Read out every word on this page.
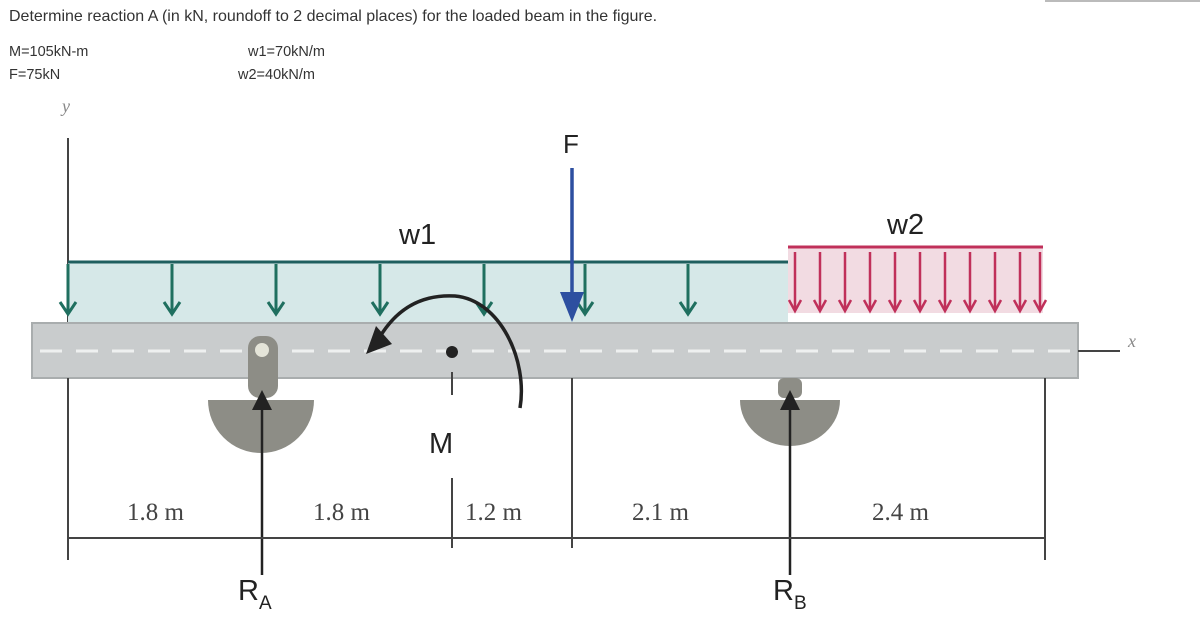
Determine reaction A (in kN, roundoff to 2 decimal places) for the loaded beam in the figure.
M=105kN-m
F=75kN
w1=70kN/m
w2=40kN/m
y
x
F
w1	w2
M
1.8 m	1.8 m	1.2 m	2.1 m	2.4 m
$R_A$	$R_B$
